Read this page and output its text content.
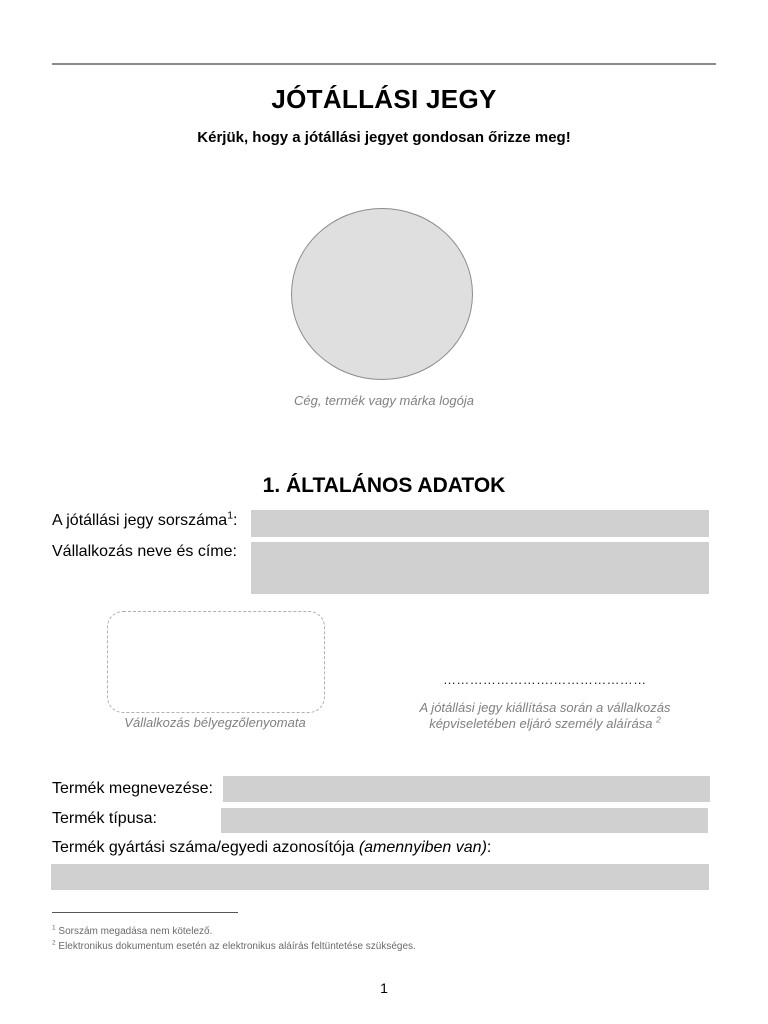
JÓTÁLLÁSI JEGY
Kérjük, hogy a jótállási jegyet gondosan őrizze meg!
Cég, termék vagy márka logója
1. ÁLTALÁNOS ADATOK
A jótállási jegy sorszáma$^1$:
Vállalkozás neve és címe:
Vállalkozás bélyegzőlenyomata
…………………….…………………
A jótállási jegy kiállítása során a vállalkozás
képviseletében eljáró személy aláírása $^2$
Termék megnevezése:
Termék típusa:
Termék gyártási száma/egyedi azonosítója (amennyiben van):
$^1$ Sorszám megadása nem kötelező.
$^2$ Elektronikus dokumentum esetén az elektronikus aláírás feltüntetése szükséges.
1
